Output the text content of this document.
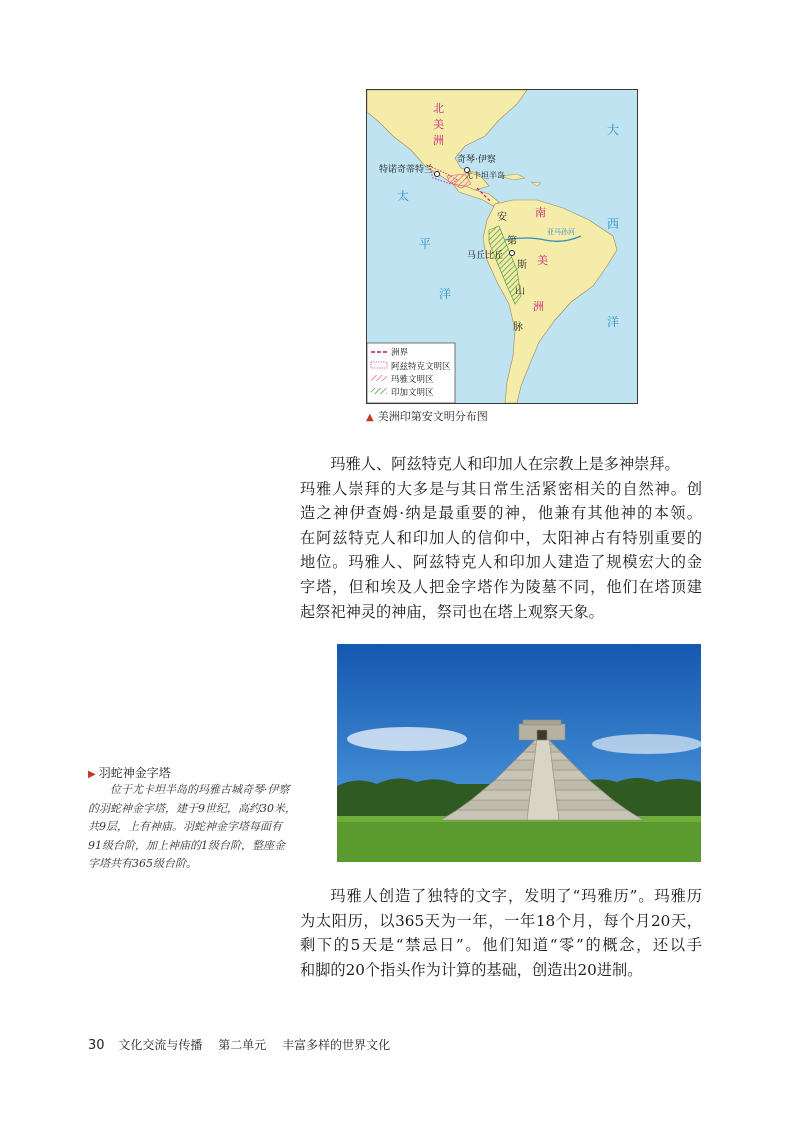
北
美
洲
南
美
洲
太
平
洋
大
西
洋
安
第
斯
山
脉
奇琴·伊察
特诺奇蒂特兰
尤卡坦半岛
亚马孙河
马丘比丘
洲界
阿兹特克文明区
玛雅文明区
印加文明区
▲ 美洲印第安文明分布图
玛雅人、阿兹特克人和印加人在宗教上是多神崇拜。
玛雅人崇拜的大多是与其日常生活紧密相关的自然神。创
造之神伊查姆·纳是最重要的神，他兼有其他神的本领。
在阿兹特克人和印加人的信仰中，太阳神占有特别重要的
地位。玛雅人、阿兹特克人和印加人建造了规模宏大的金
字塔，但和埃及人把金字塔作为陵墓不同，他们在塔顶建
起祭祀神灵的神庙，祭司也在塔上观察天象。
▶ 羽蛇神金字塔
位于尤卡坦半岛的玛雅古城奇琴·伊察
的羽蛇神金字塔，建于9世纪，高约30米，
共9层，上有神庙。羽蛇神金字塔每面有
91级台阶，加上神庙的1级台阶，整座金
字塔共有365级台阶。
玛雅人创造了独特的文字，发明了“玛雅历”。玛雅历
为太阳历，以365天为一年，一年18个月，每个月20天，
剩下的5天是“禁忌日”。他们知道“零”的概念，还以手
和脚的20个指头作为计算的基础，创造出20进制。
30 文化交流与传播 第二单元 丰富多样的世界文化
